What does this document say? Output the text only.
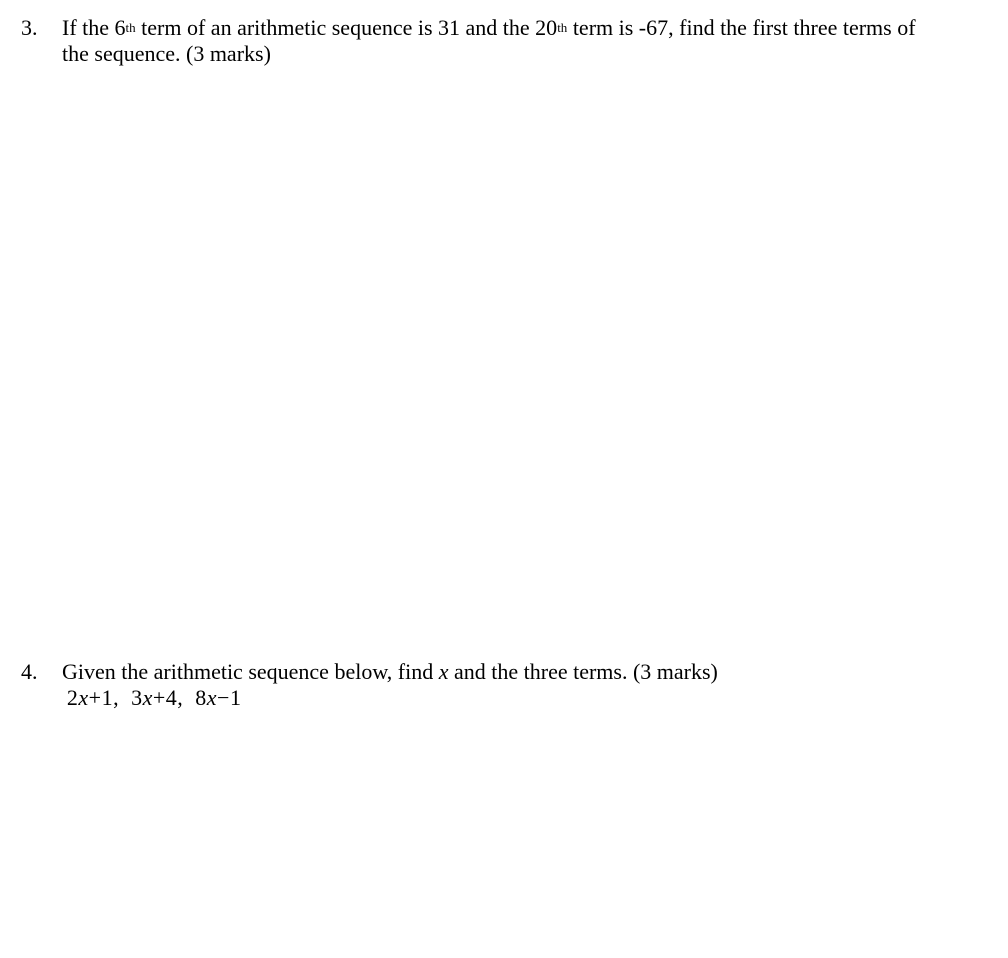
3. If the 6th term of an arithmetic sequence is 31 and the 20th term is -67, find the first three terms of
the sequence. (3 marks)
4. Given the arithmetic sequence below, find x and the three terms. (3 marks)
 2x+1, 3x+4, 8x−1
